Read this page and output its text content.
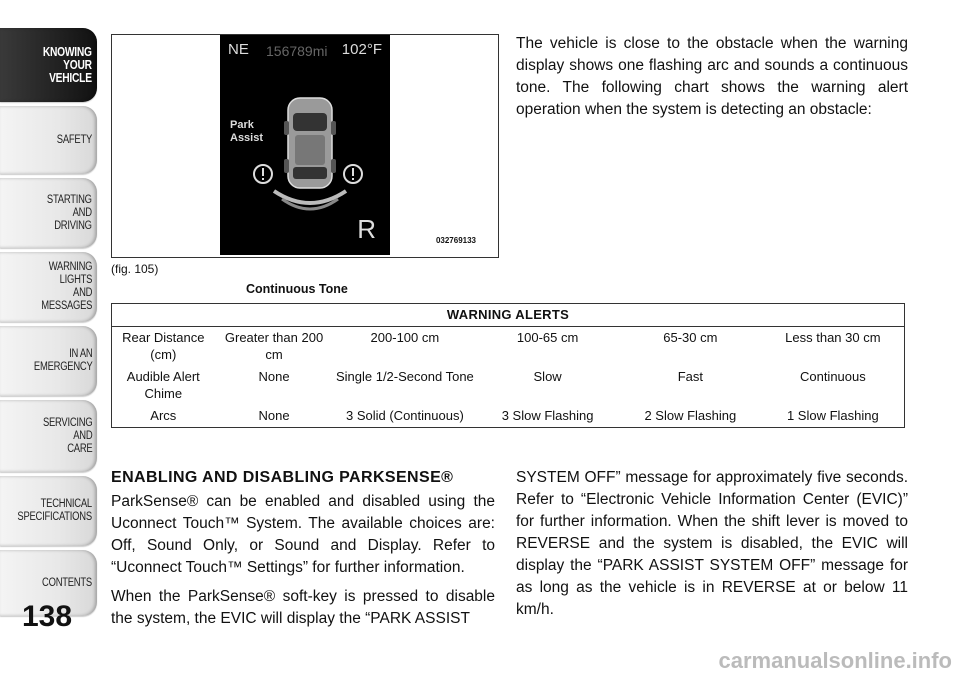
KNOWING
YOUR
VEHICLE
SAFETY
STARTING
AND
DRIVING
WARNING
LIGHTS
AND
MESSAGES
IN AN
EMERGENCY
SERVICING
AND
CARE
TECHNICAL
SPECIFICATIONS
CONTENTS
138
NE 156789mi 102°F
Park
Assist
R	032769133
(fig. 105)
Continuous Tone
The vehicle is close to the obstacle when the warning display shows one flashing arc and sounds a continuous tone. The following chart shows the warning alert operation when the system is detecting an obstacle:
WARNING ALERTS					
Rear Distance (cm)	Greater than 200 cm	200-100 cm	100-65 cm	65-30 cm	Less than 30 cm
Audible Alert Chime	None	Single 1/2-Second Tone	Slow	Fast	Continuous
Arcs	None	3 Solid (Continuous)	3 Slow Flashing	2 Slow Flashing	1 Slow Flashing
ENABLING AND DISABLING PARKSENSE®

ParkSense® can be enabled and disabled using the Uconnect Touch™ System. The available choices are: Off, Sound Only, or Sound and Display. Refer to “Uconnect Touch™ Settings” for further information.

When the ParkSense® soft-key is pressed to disable the system, the EVIC will display the “PARK ASSIST

SYSTEM OFF” message for approximately five seconds. Refer to “Electronic Vehicle Information Center (EVIC)” for further information. When the shift lever is moved to REVERSE and the system is disabled, the EVIC will display the “PARK ASSIST SYSTEM OFF” message for as long as the vehicle is in REVERSE at or below 11 km/h.

carmanualsonline.info
